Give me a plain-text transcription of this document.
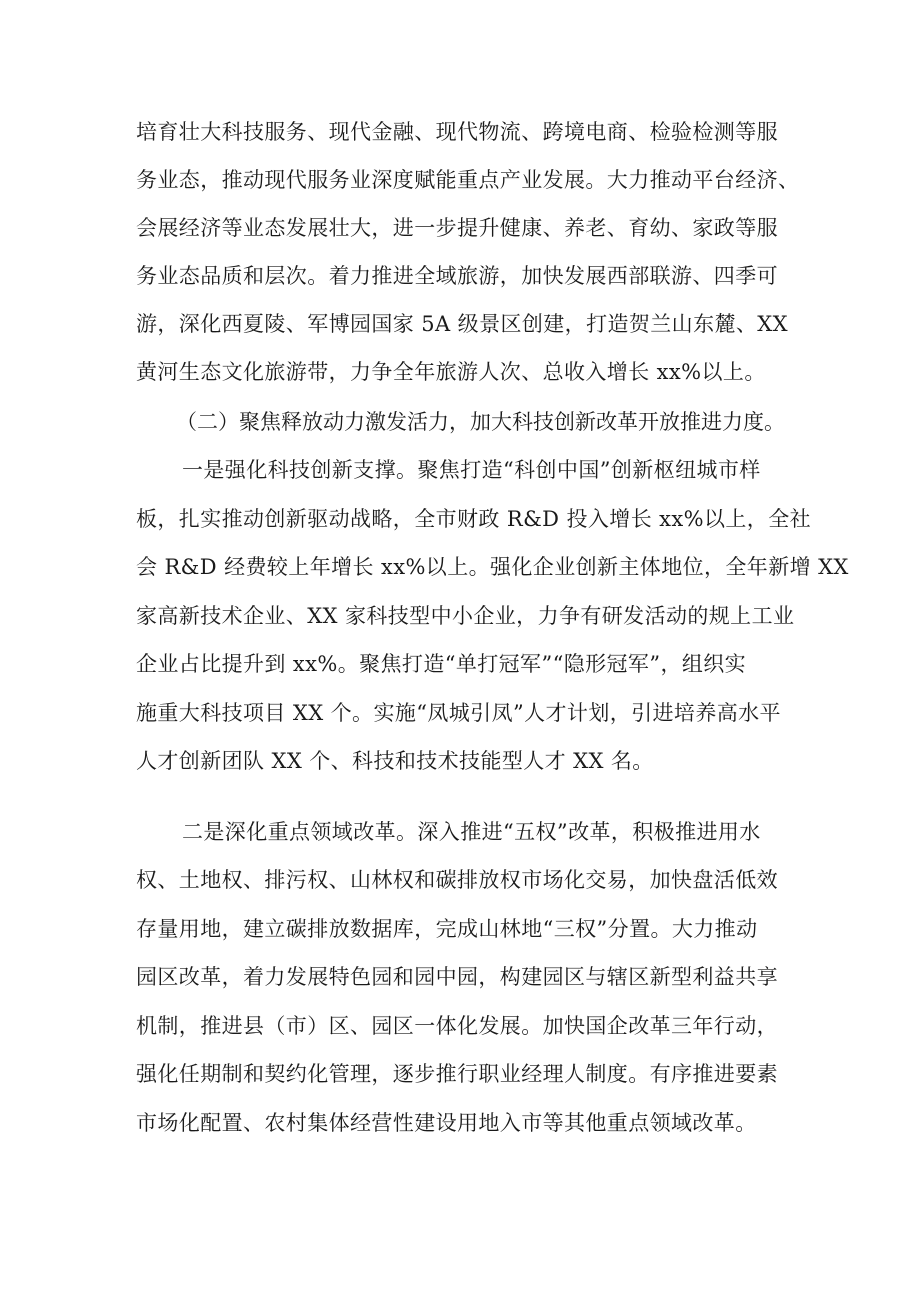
培育壮大科技服务、现代金融、现代物流、跨境电商、检验检测等服

务业态，推动现代服务业深度赋能重点产业发展。大力推动平台经济、

会展经济等业态发展壮大，进一步提升健康、养老、育幼、家政等服

务业态品质和层次。着力推进全域旅游，加快发展西部联游、四季可

游，深化西夏陵、军博园国家 5A 级景区创建，打造贺兰山东麓、XX

黄河生态文化旅游带，力争全年旅游人次、总收入增长 xx%以上。

（二）聚焦释放动力激发活力，加大科技创新改革开放推进力度。

一是强化科技创新支撑。聚焦打造“科创中国”创新枢纽城市样

板，扎实推动创新驱动战略，全市财政 R&D 投入增长 xx%以上，全社

会 R&D 经费较上年增长 xx%以上。强化企业创新主体地位，全年新增 XX

家高新技术企业、XX 家科技型中小企业，力争有研发活动的规上工业

企业占比提升到 xx%。聚焦打造“单打冠军”“隐形冠军”，组织实

施重大科技项目 XX 个。实施“凤城引凤”人才计划，引进培养高水平

人才创新团队 XX 个、科技和技术技能型人才 XX 名。

二是深化重点领域改革。深入推进“五权”改革，积极推进用水

权、土地权、排污权、山林权和碳排放权市场化交易，加快盘活低效

存量用地，建立碳排放数据库，完成山林地“三权”分置。大力推动

园区改革，着力发展特色园和园中园，构建园区与辖区新型利益共享

机制，推进县（市）区、园区一体化发展。加快国企改革三年行动，

强化任期制和契约化管理，逐步推行职业经理人制度。有序推进要素

市场化配置、农村集体经营性建设用地入市等其他重点领域改革。
